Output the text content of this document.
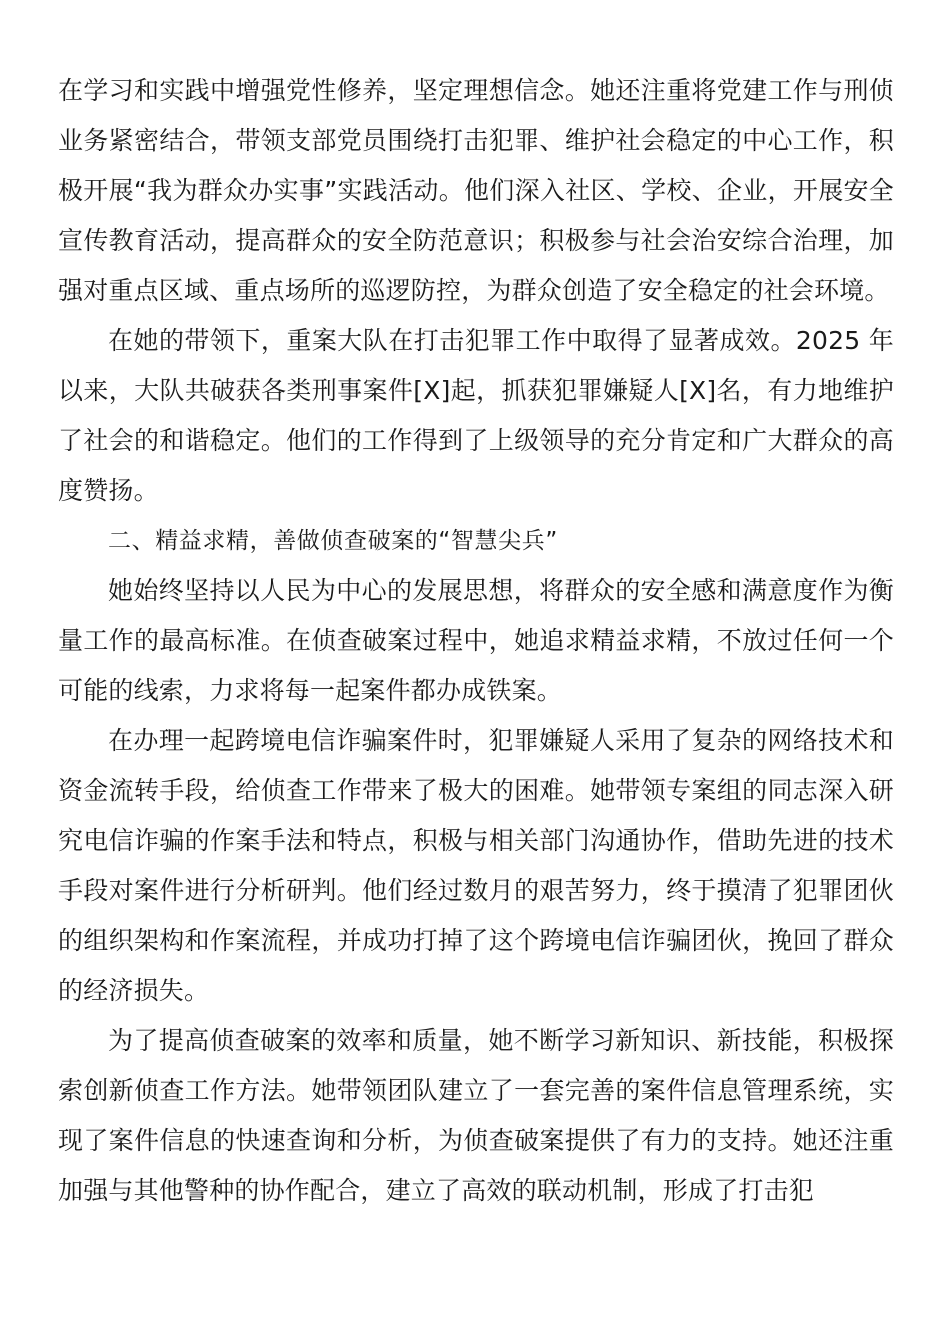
在学习和实践中增强党性修养，坚定理想信念。她还注重将党建工作与刑侦业务紧密结合，带领支部党员围绕打击犯罪、维护社会稳定的中心工作，积极开展“我为群众办实事”实践活动。他们深入社区、学校、企业，开展安全宣传教育活动，提高群众的安全防范意识；积极参与社会治安综合治理，加强对重点区域、重点场所的巡逻防控，为群众创造了安全稳定的社会环境。

在她的带领下，重案大队在打击犯罪工作中取得了显著成效。2025 年以来，大队共破获各类刑事案件[X]起，抓获犯罪嫌疑人[X]名，有力地维护了社会的和谐稳定。他们的工作得到了上级领导的充分肯定和广大群众的高度赞扬。

二、精益求精，善做侦查破案的“智慧尖兵”

她始终坚持以人民为中心的发展思想，将群众的安全感和满意度作为衡量工作的最高标准。在侦查破案过程中，她追求精益求精，不放过任何一个可能的线索，力求将每一起案件都办成铁案。

在办理一起跨境电信诈骗案件时，犯罪嫌疑人采用了复杂的网络技术和资金流转手段，给侦查工作带来了极大的困难。她带领专案组的同志深入研究电信诈骗的作案手法和特点，积极与相关部门沟通协作，借助先进的技术手段对案件进行分析研判。他们经过数月的艰苦努力，终于摸清了犯罪团伙的组织架构和作案流程，并成功打掉了这个跨境电信诈骗团伙，挽回了群众的经济损失。

为了提高侦查破案的效率和质量，她不断学习新知识、新技能，积极探索创新侦查工作方法。她带领团队建立了一套完善的案件信息管理系统，实现了案件信息的快速查询和分析，为侦查破案提供了有力的支持。她还注重加强与其他警种的协作配合，建立了高效的联动机制，形成了打击犯
